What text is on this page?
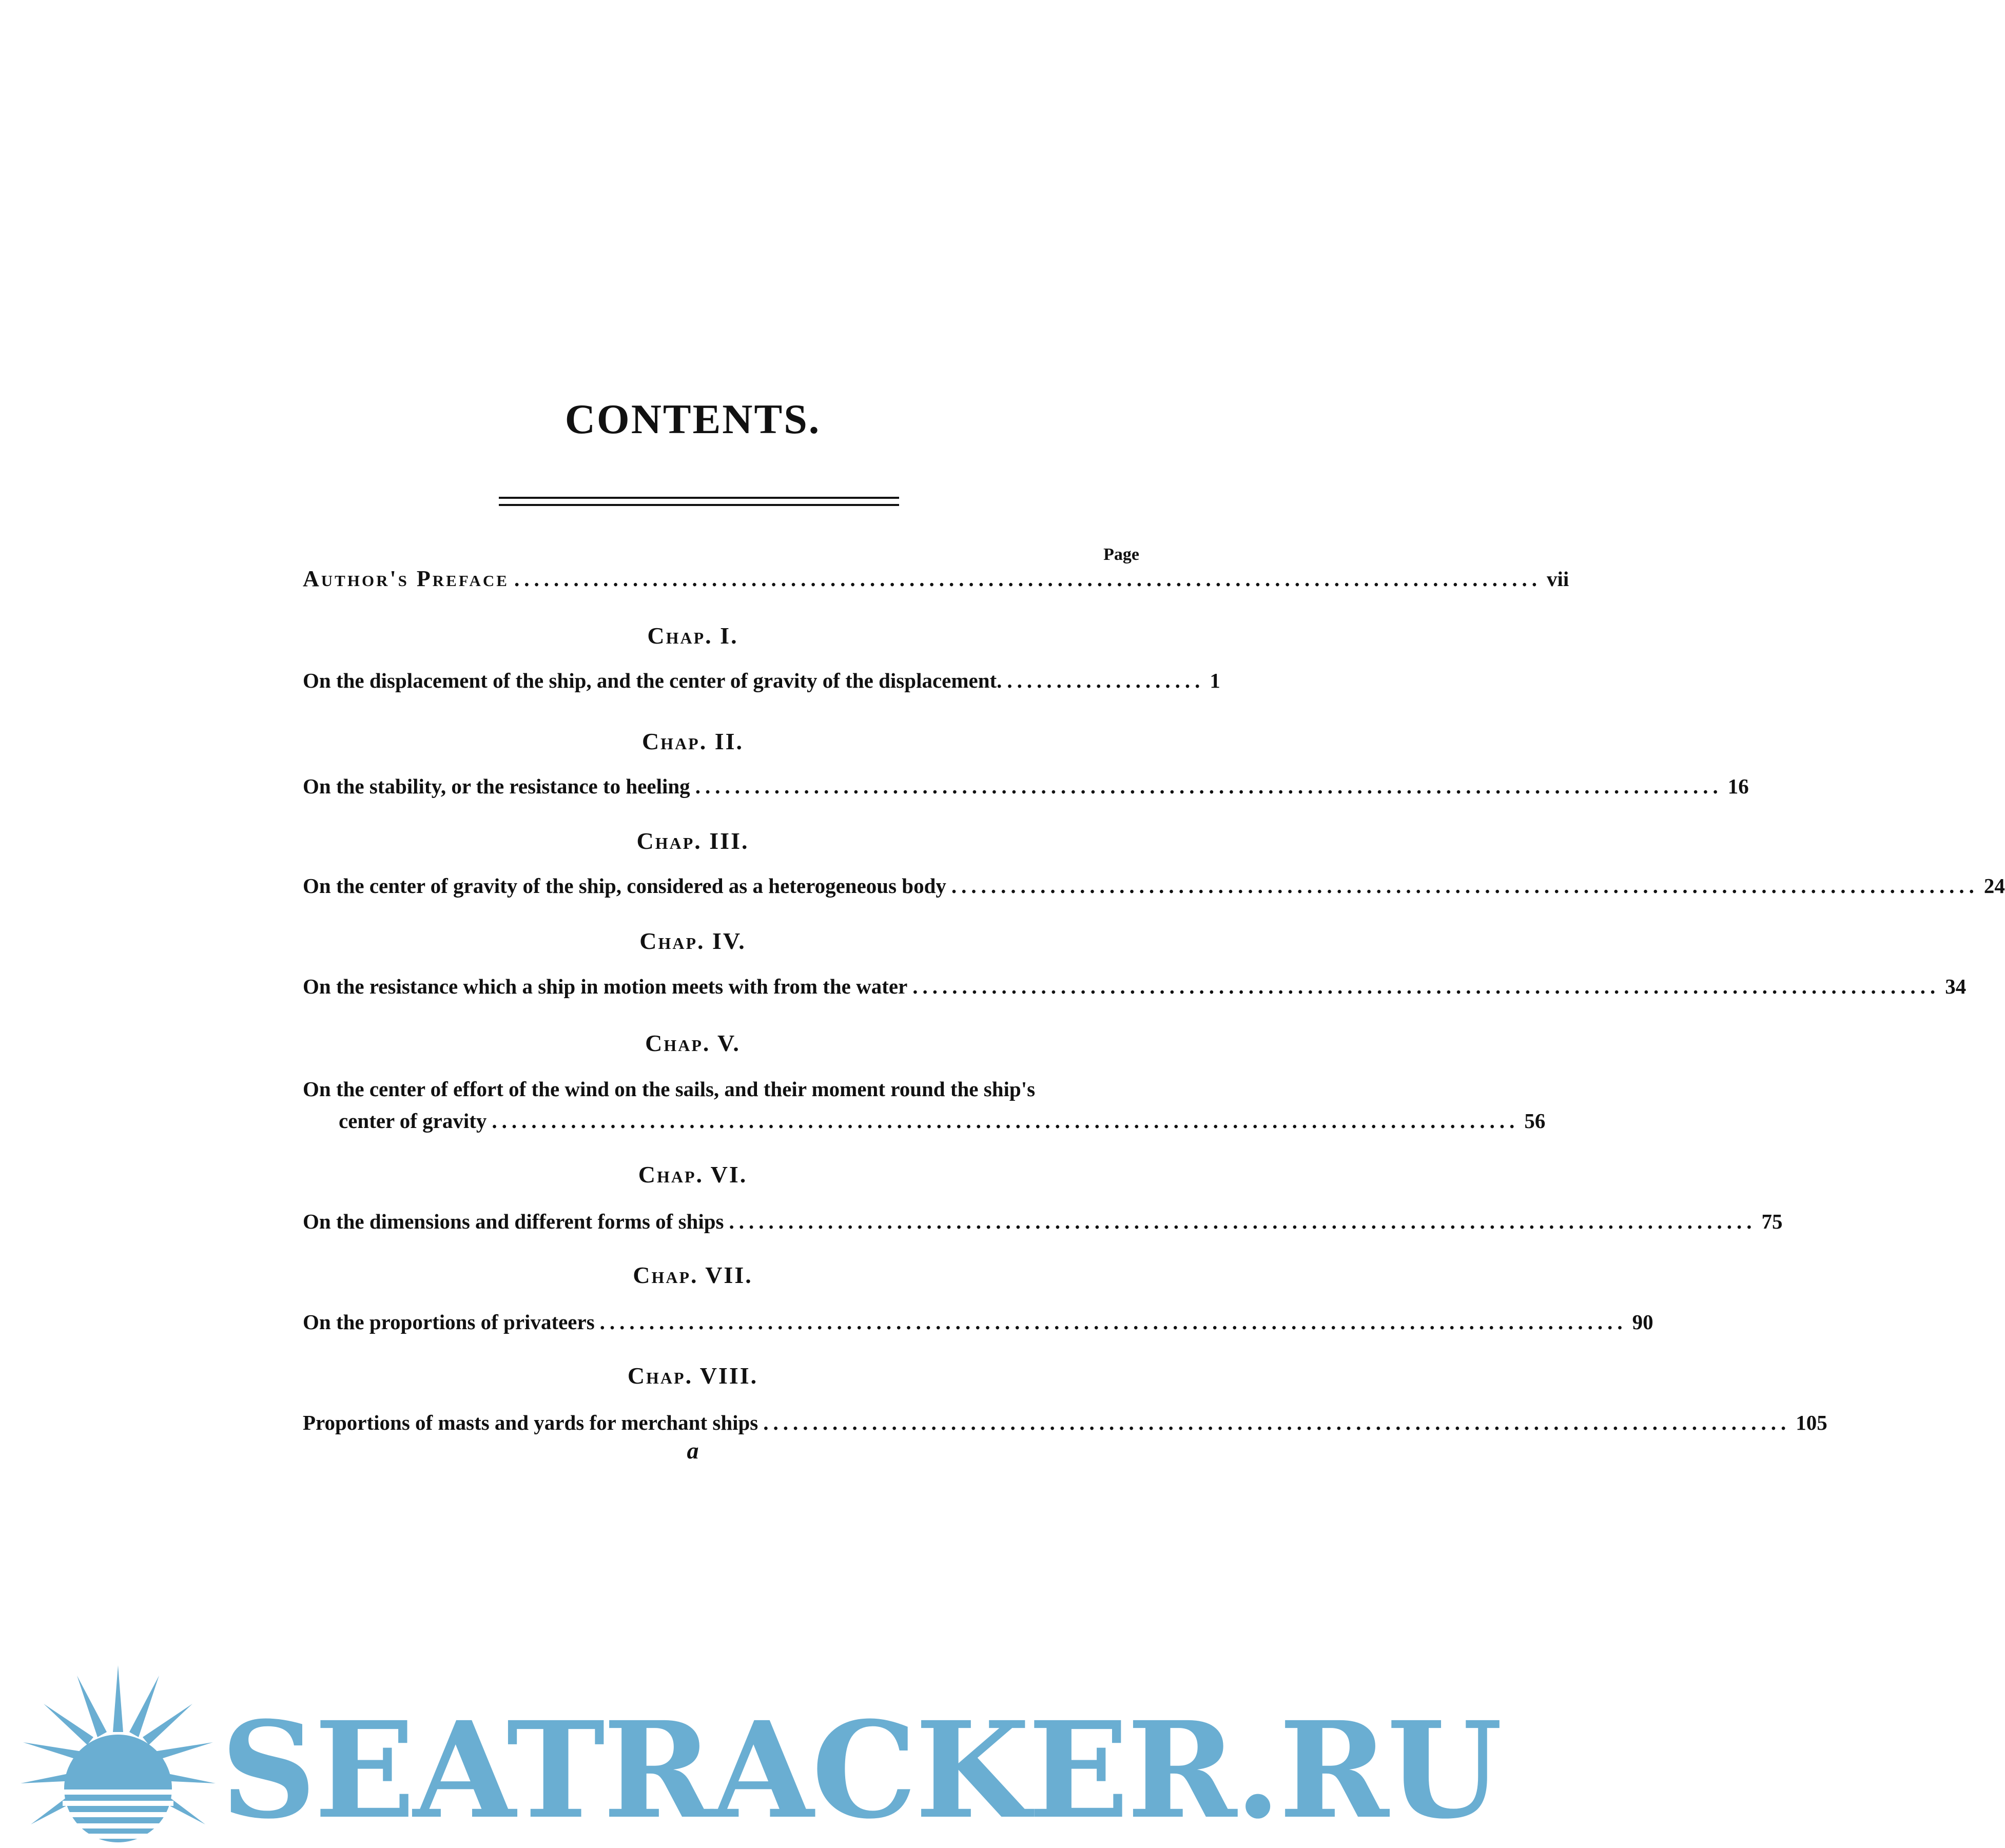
CONTENTS.
Page
Author's Preface ........................................................................................................ vii
Chap. I.
On the displacement of the ship, and the center of gravity of the displacement. .................... 1
Chap. II.
On the stability, or the resistance to heeling ........................................................................................................ 16
Chap. III.
On the center of gravity of the ship, considered as a heterogeneous body ........................................................................................................ 24
Chap. IV.
On the resistance which a ship in motion meets with from the water ........................................................................................................ 34
Chap. V.
On the center of effort of the wind on the sails, and their moment round the ship's
center of gravity ........................................................................................................ 56
Chap. VI.
On the dimensions and different forms of ships ........................................................................................................ 75
Chap. VII.
On the proportions of privateers ........................................................................................................ 90
Chap. VIII.
Proportions of masts and yards for merchant ships ........................................................................................................ 105
a
SEATRACKER.RU
